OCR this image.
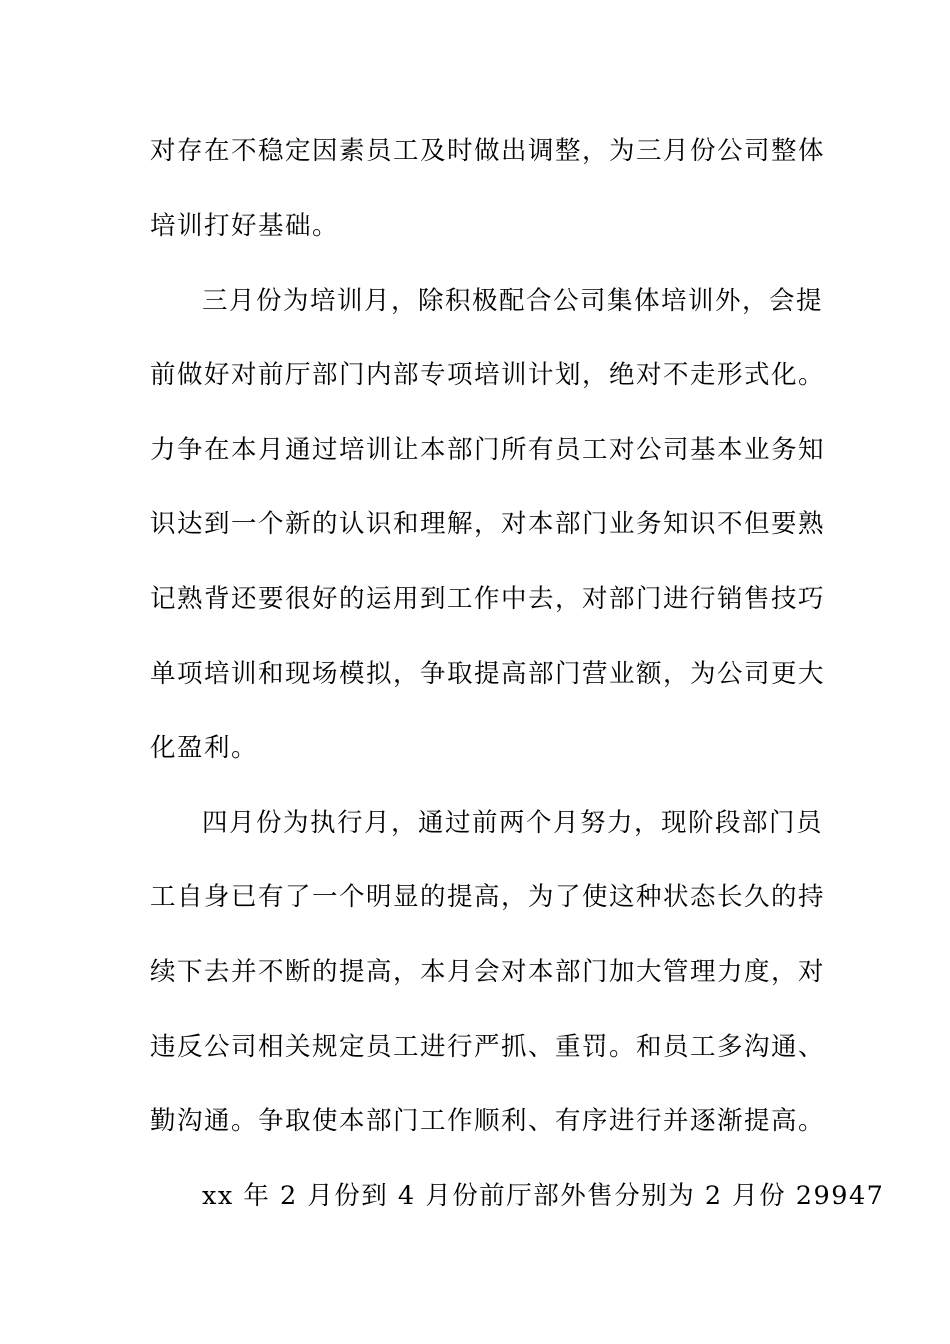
对存在不稳定因素员工及时做出调整，为三月份公司整体
培训打好基础。
三月份为培训月，除积极配合公司集体培训外，会提
前做好对前厅部门内部专项培训计划，绝对不走形式化。
力争在本月通过培训让本部门所有员工对公司基本业务知
识达到一个新的认识和理解，对本部门业务知识不但要熟
记熟背还要很好的运用到工作中去，对部门进行销售技巧
单项培训和现场模拟，争取提高部门营业额，为公司更大
化盈利。
四月份为执行月，通过前两个月努力，现阶段部门员
工自身已有了一个明显的提高，为了使这种状态长久的持
续下去并不断的提高，本月会对本部门加大管理力度，对
违反公司相关规定员工进行严抓、重罚。和员工多沟通、
勤沟通。争取使本部门工作顺利、有序进行并逐渐提高。
xx 年 2 月份到 4 月份前厅部外售分别为 2 月份 29947
